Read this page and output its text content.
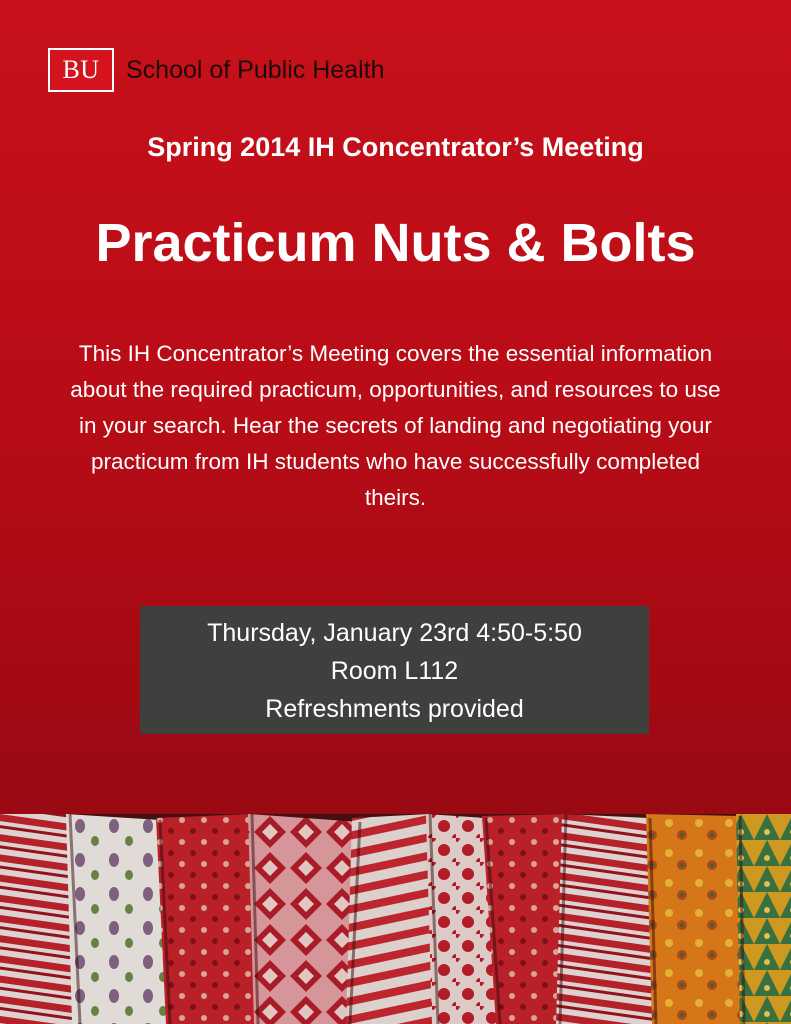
BU	School of Public Health
Spring 2014 IH Concentrator’s Meeting
Practicum Nuts & Bolts
This IH Concentrator’s Meeting covers the essential information about the required practicum, opportunities, and resources to use in your search. Hear the secrets of landing and negotiating your practicum from IH students who have successfully completed theirs.
Thursday, January 23rd 4:50-5:50
Room L112
Refreshments provided
